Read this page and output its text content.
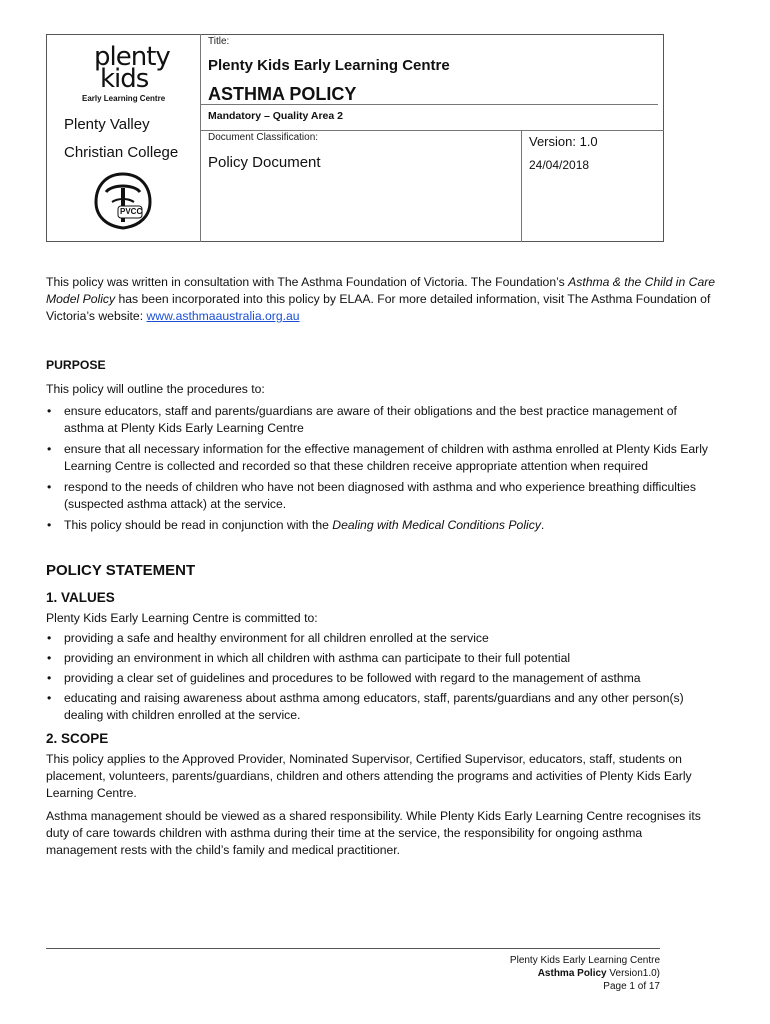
plenty
kids
Early Learning Centre
Plenty Valley
Christian College
PVCC
Title:
Plenty Kids Early Learning Centre
ASTHMA POLICY
Mandatory – Quality Area 2
Document Classification:
Policy Document
Version: 1.0
24/04/2018
This policy was written in consultation with The Asthma Foundation of Victoria. The Foundation’s Asthma & the Child in Care Model Policy has been incorporated into this policy by ELAA. For more detailed information, visit The Asthma Foundation of Victoria’s website: www.asthmaaustralia.org.au
PURPOSE
This policy will outline the procedures to:
• ensure educators, staff and parents/guardians are aware of their obligations and the best practice management of asthma at Plenty Kids Early Learning Centre
• ensure that all necessary information for the effective management of children with asthma enrolled at Plenty Kids Early Learning Centre is collected and recorded so that these children receive appropriate attention when required
• respond to the needs of children who have not been diagnosed with asthma and who experience breathing difficulties (suspected asthma attack) at the service.
• This policy should be read in conjunction with the Dealing with Medical Conditions Policy.
POLICY STATEMENT
1. VALUES
Plenty Kids Early Learning Centre is committed to:
• providing a safe and healthy environment for all children enrolled at the service
• providing an environment in which all children with asthma can participate to their full potential
• providing a clear set of guidelines and procedures to be followed with regard to the management of asthma
• educating and raising awareness about asthma among educators, staff, parents/guardians and any other person(s) dealing with children enrolled at the service.
2. SCOPE
This policy applies to the Approved Provider, Nominated Supervisor, Certified Supervisor, educators, staff, students on placement, volunteers, parents/guardians, children and others attending the programs and activities of Plenty Kids Early Learning Centre.
Asthma management should be viewed as a shared responsibility. While Plenty Kids Early Learning Centre recognises its duty of care towards children with asthma during their time at the service, the responsibility for ongoing asthma management rests with the child’s family and medical practitioner.
Plenty Kids Early Learning Centre
Asthma Policy Version1.0)
Page 1 of 17
